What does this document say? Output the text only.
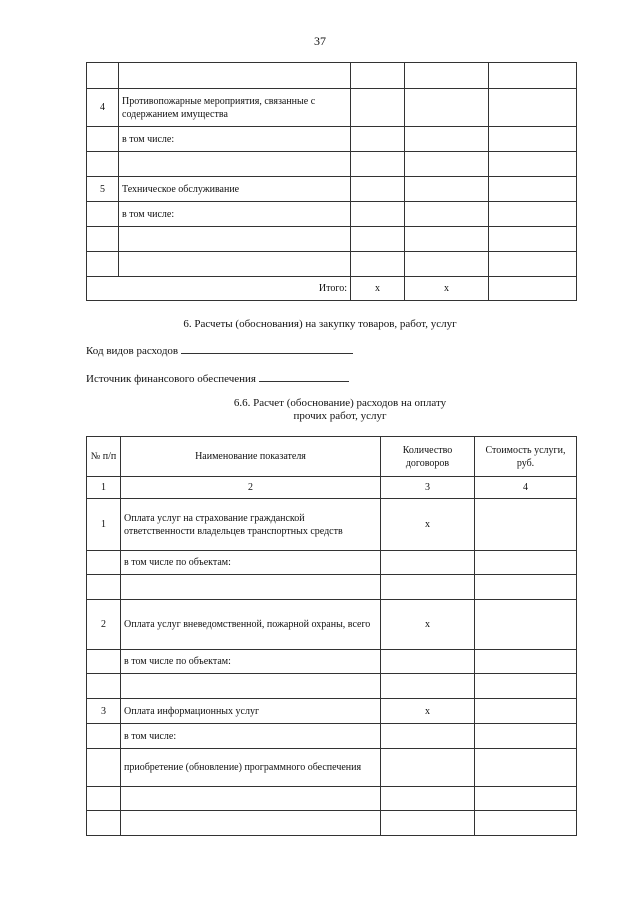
37

4	Противопожарные мероприятия, связанные с содержанием имущества			
	в том числе:			

5	Техническое обслуживание			
	в том числе:			

Итого:		x	x	
6. Расчеты (обоснования) на закупку товаров, работ, услуг
Код видов расходов
Источник финансового обеспечения
6.6. Расчет (обоснование) расходов на оплату
прочих работ, услуг
№ п/п	Наименование показателя	Количество договоров	Стоимость услуги, руб.
1	2	3	4
1	Оплата услуг на страхование гражданской ответственности владельцев транспортных средств	x	
	в том числе по объектам:		

2	Оплата услуг вневедомственной, пожарной охраны, всего	x	
	в том числе по объектам:		

3	Оплата информационных услуг	x	
	в том числе:		
	приобретение (обновление) программного обеспечения		
